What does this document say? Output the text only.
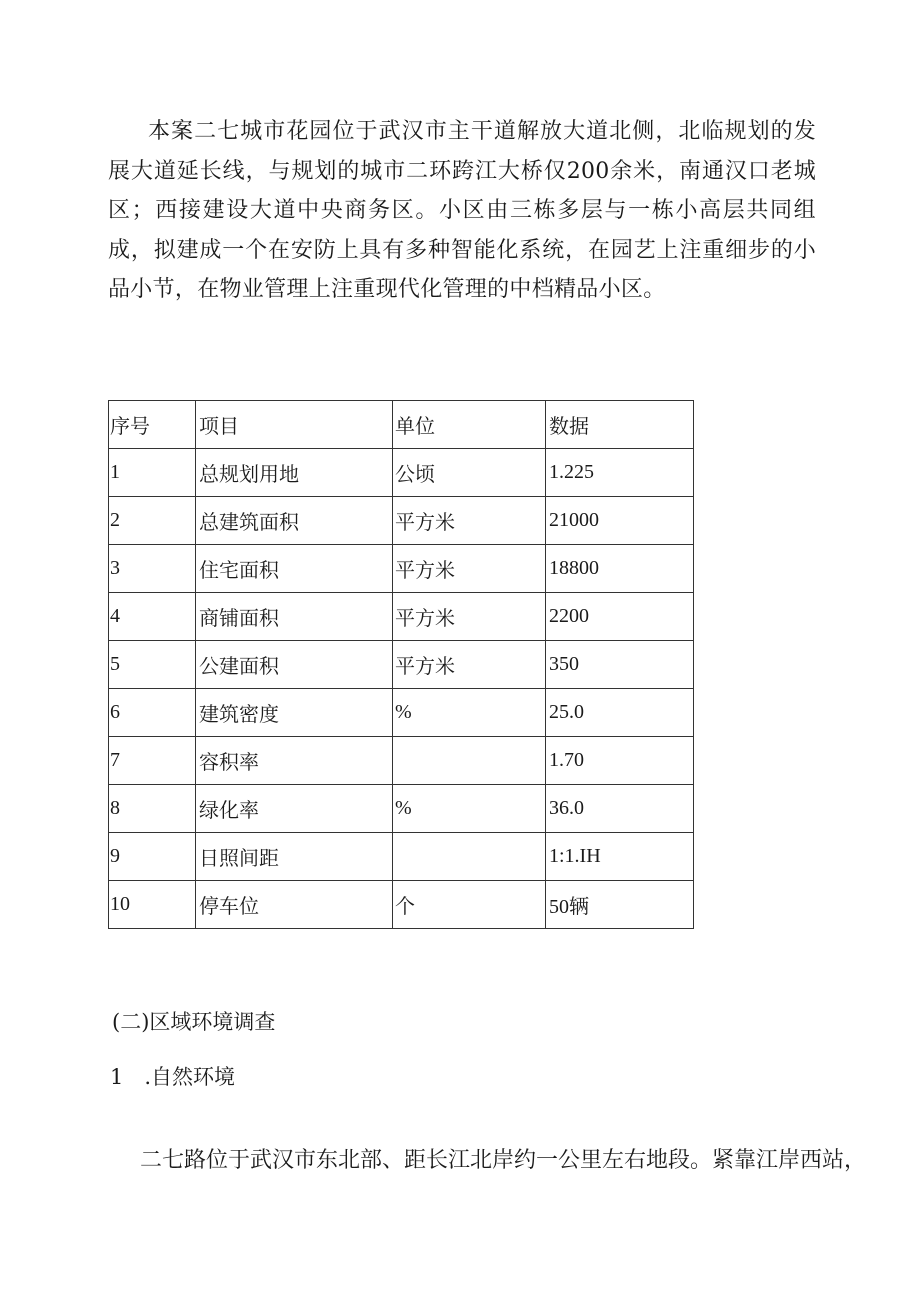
本案二七城市花园位于武汉市主干道解放大道北侧，北临规划的发展大道延长线，与规划的城市二环跨江大桥仅200余米，南通汉口老城区；西接建设大道中央商务区。小区由三栋多层与一栋小高层共同组成，拟建成一个在安防上具有多种智能化系统，在园艺上注重细步的小品小节，在物业管理上注重现代化管理的中档精品小区。

序号	项目	单位	数据
1	总规划用地	公顷	1.225
2	总建筑面积	平方米	21000
3	住宅面积	平方米	18800
4	商铺面积	平方米	2200
5	公建面积	平方米	350
6	建筑密度	%	25.0
7	容积率		1.70
8	绿化率	%	36.0
9	日照间距		1:1.IH
10	停车位	个	50辆

(二)区域环境调查

1　.自然环境

二七路位于武汉市东北部、距长江北岸约一公里左右地段。紧靠江岸西站，
